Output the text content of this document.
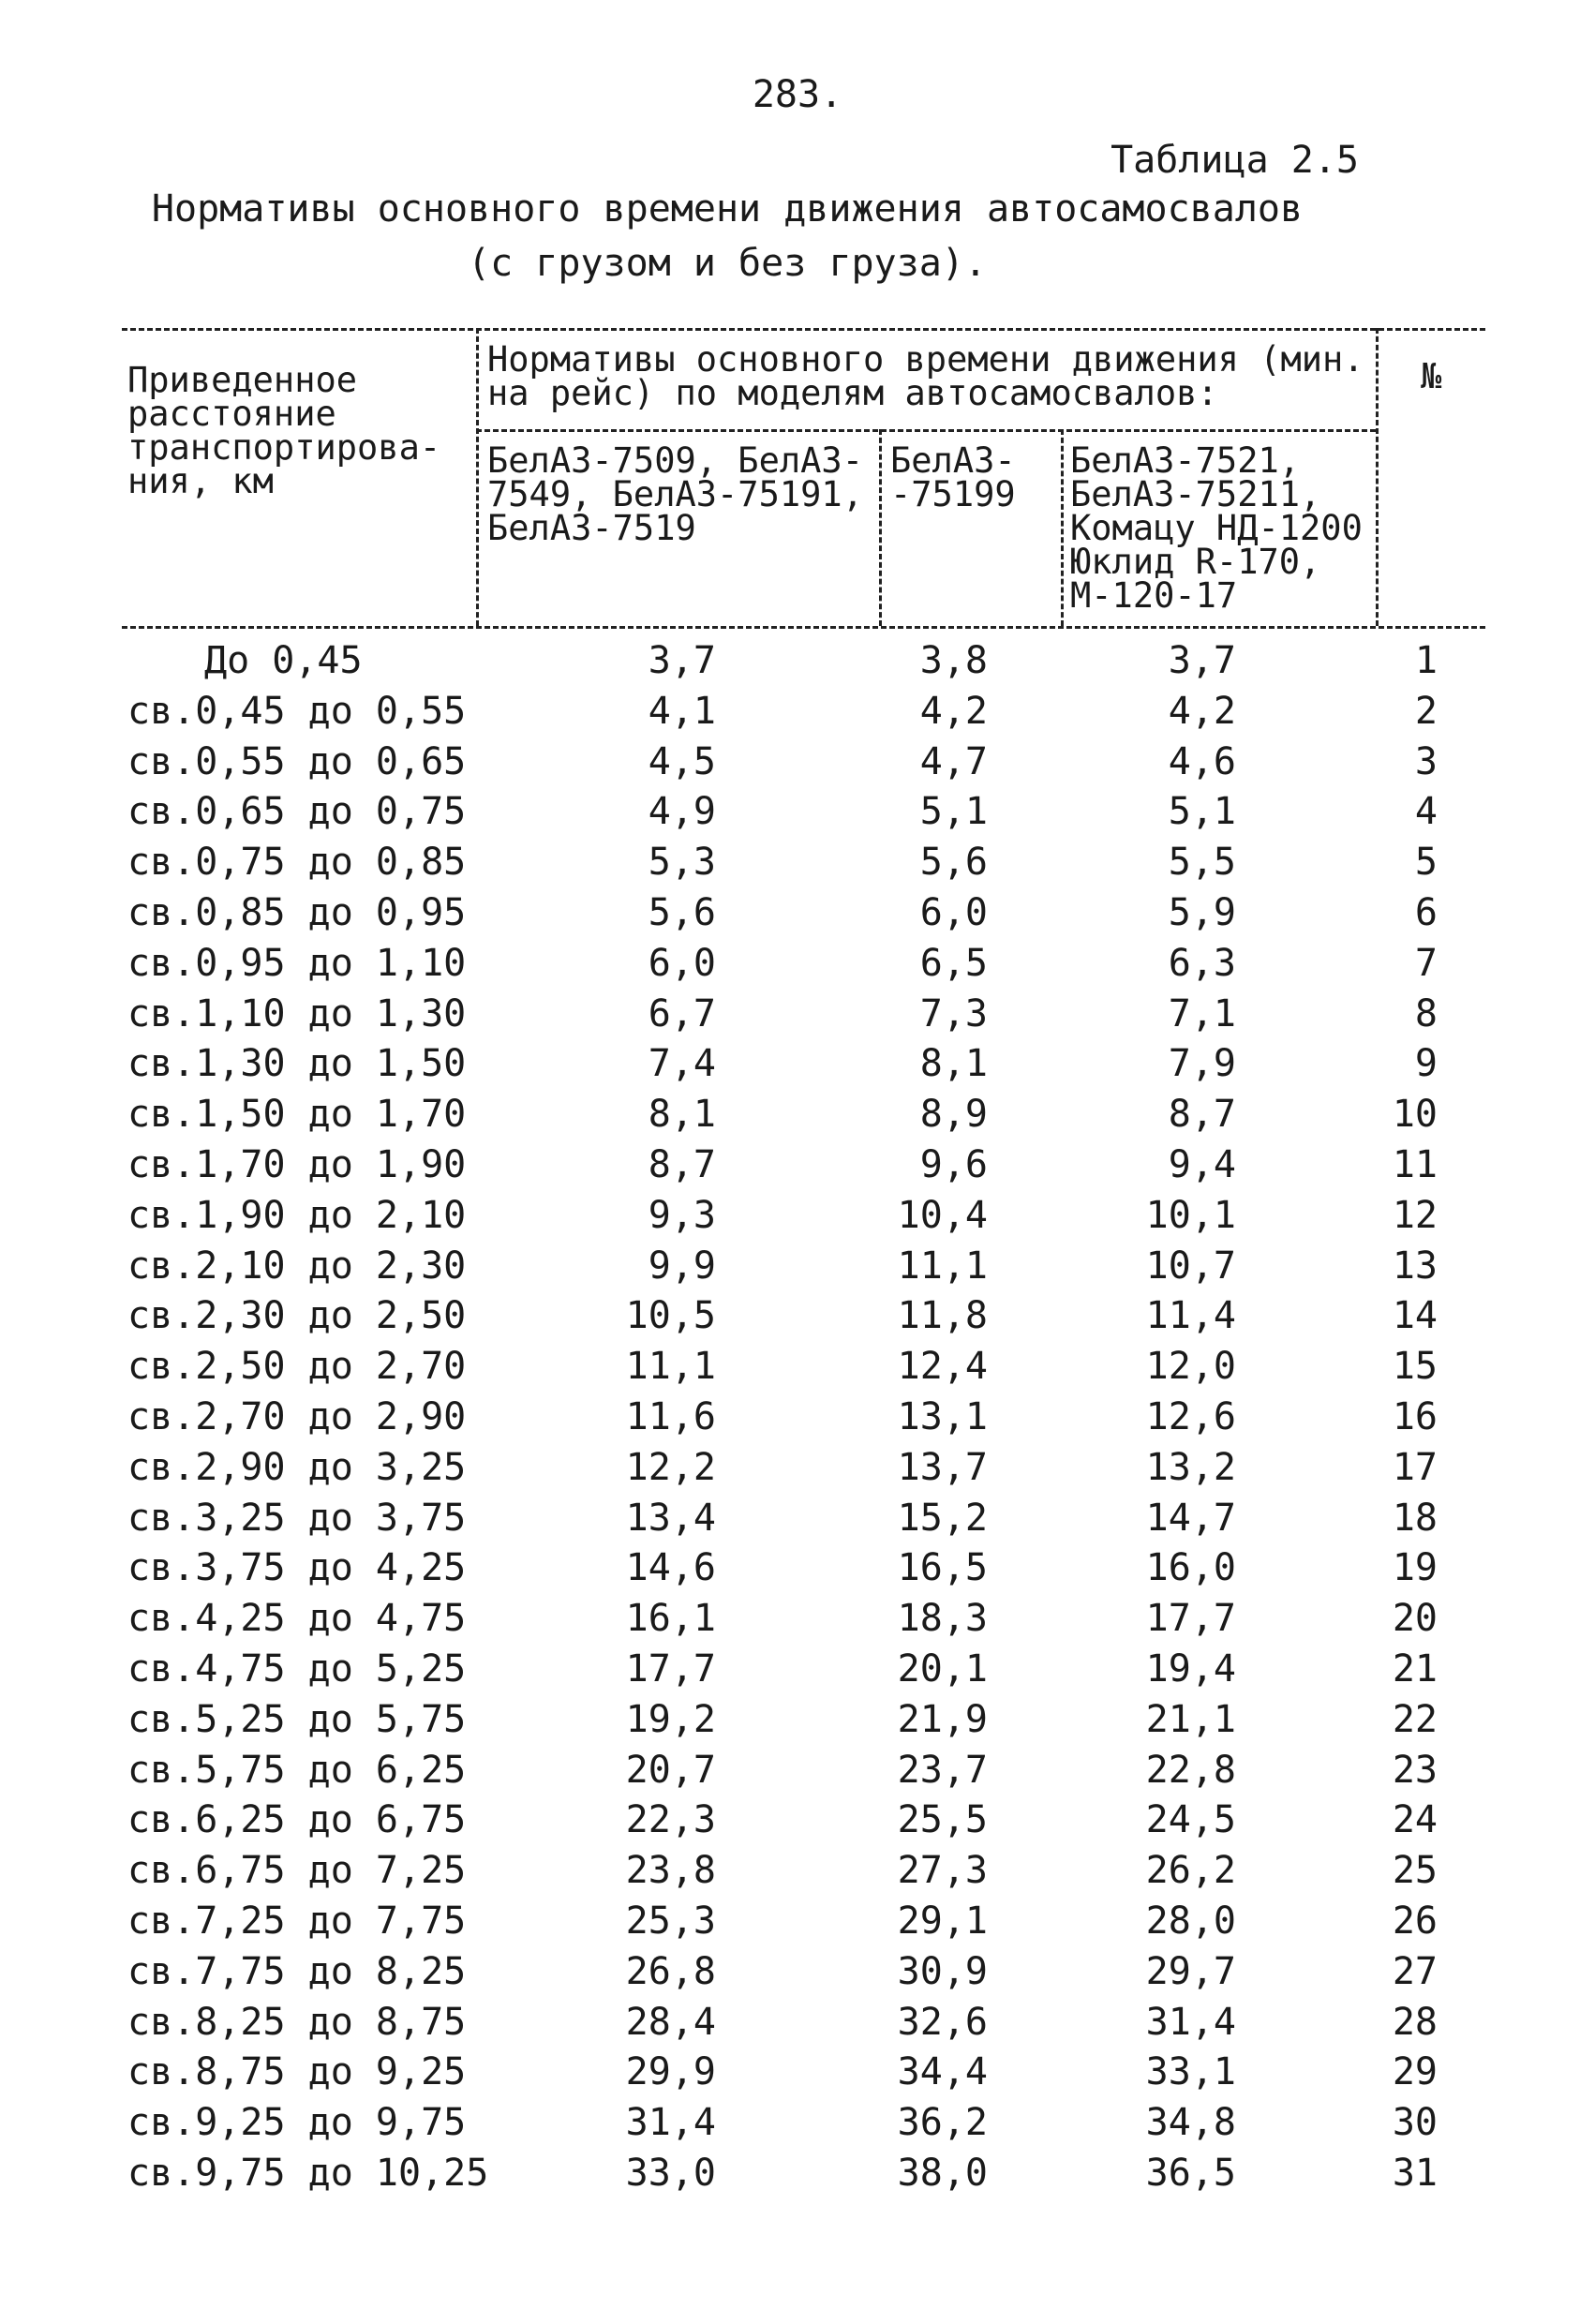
283.
Таблица 2.5
Нормативы основного времени движения автосамосвалов
(с грузом и без груза).
Приведенное
расстояние
транспортирова-
ния, км
Нормативы основного времени движения (мин.
на рейс) по моделям автосамосвалов:
БелАЗ-7509, БелАЗ-
7549, БелАЗ-75191,
БелАЗ-7519
БелАЗ-
-75199
БелАЗ-7521,
БелАЗ-75211,
Комацу НД-1200
Юклид R-170,
М-120-17
№
До 0,45	3,7	3,8	3,7	1
св.0,45 до 0,55	4,1	4,2	4,2	2
св.0,55 до 0,65	4,5	4,7	4,6	3
св.0,65 до 0,75	4,9	5,1	5,1	4
св.0,75 до 0,85	5,3	5,6	5,5	5
св.0,85 до 0,95	5,6	6,0	5,9	6
св.0,95 до 1,10	6,0	6,5	6,3	7
св.1,10 до 1,30	6,7	7,3	7,1	8
св.1,30 до 1,50	7,4	8,1	7,9	9
св.1,50 до 1,70	8,1	8,9	8,7	10
св.1,70 до 1,90	8,7	9,6	9,4	11
св.1,90 до 2,10	9,3	10,4	10,1	12
св.2,10 до 2,30	9,9	11,1	10,7	13
св.2,30 до 2,50	10,5	11,8	11,4	14
св.2,50 до 2,70	11,1	12,4	12,0	15
св.2,70 до 2,90	11,6	13,1	12,6	16
св.2,90 до 3,25	12,2	13,7	13,2	17
св.3,25 до 3,75	13,4	15,2	14,7	18
св.3,75 до 4,25	14,6	16,5	16,0	19
св.4,25 до 4,75	16,1	18,3	17,7	20
св.4,75 до 5,25	17,7	20,1	19,4	21
св.5,25 до 5,75	19,2	21,9	21,1	22
св.5,75 до 6,25	20,7	23,7	22,8	23
св.6,25 до 6,75	22,3	25,5	24,5	24
св.6,75 до 7,25	23,8	27,3	26,2	25
св.7,25 до 7,75	25,3	29,1	28,0	26
св.7,75 до 8,25	26,8	30,9	29,7	27
св.8,25 до 8,75	28,4	32,6	31,4	28
св.8,75 до 9,25	29,9	34,4	33,1	29
св.9,25 до 9,75	31,4	36,2	34,8	30
св.9,75 до 10,25	33,0	38,0	36,5	31
